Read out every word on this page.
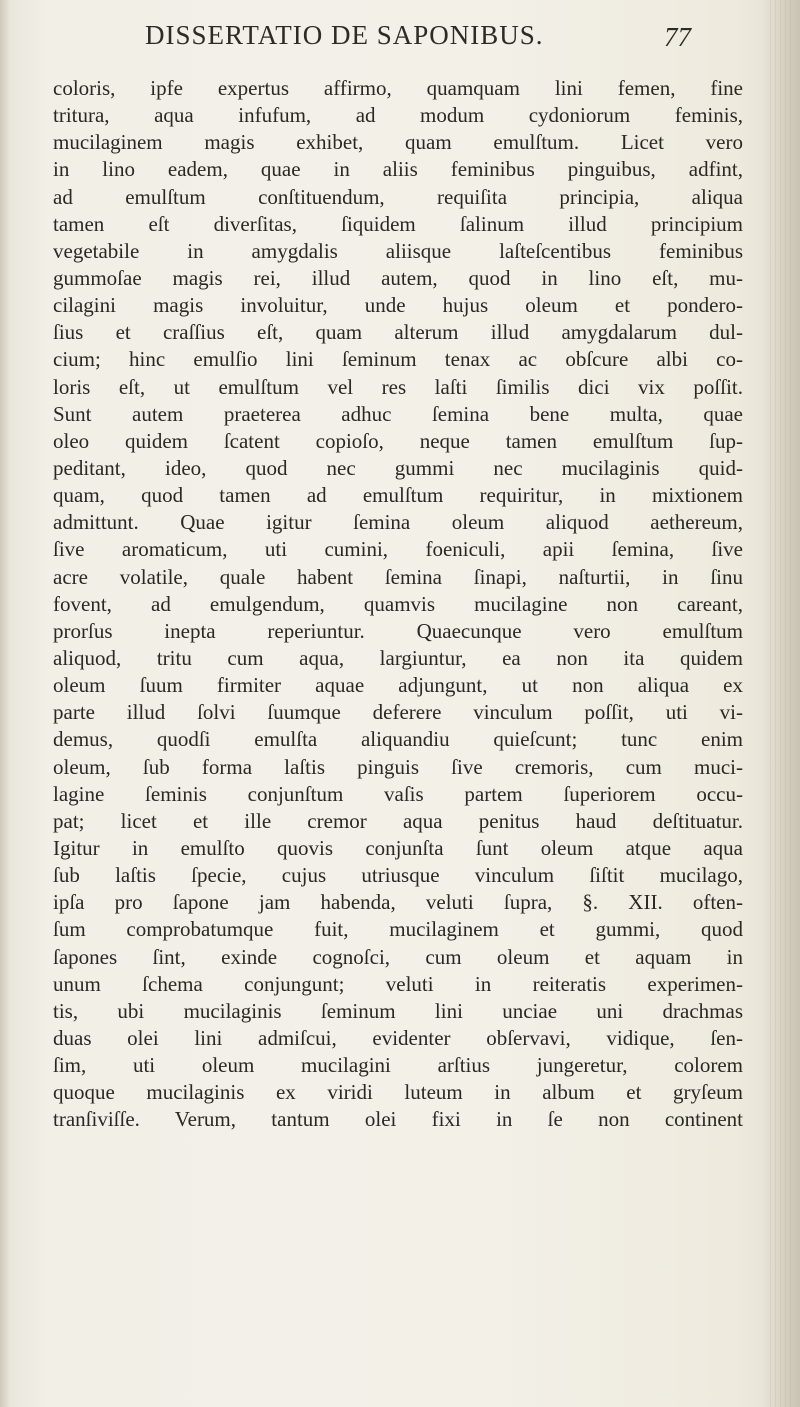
DISSERTATIO DE SAPONIBUS.	77
coloris, ipfe expertus affirmo, quamquam lini femen, fine
tritura, aqua infufum, ad modum cydoniorum feminis,
mucilaginem magis exhibet, quam emulſtum. Licet vero
in lino eadem, quae in aliis feminibus pinguibus, adfint,
ad emulſtum conſtituendum, requiſita principia, aliqua
tamen eſt diverſitas, ſiquidem ſalinum illud principium
vegetabile in amygdalis aliisque laſteſcentibus feminibus
gummoſae magis rei, illud autem, quod in lino eſt, mu-
cilagini magis involuitur, unde hujus oleum et pondero-
ſius et craſſius eſt, quam alterum illud amygdalarum dul-
cium; hinc emulſio lini ſeminum tenax ac obſcure albi co-
loris eſt, ut emulſtum vel res laſti ſimilis dici vix poſſit.
Sunt autem praeterea adhuc ſemina bene multa, quae
oleo quidem ſcatent copioſo, neque tamen emulſtum ſup-
peditant, ideo, quod nec gummi nec mucilaginis quid-
quam, quod tamen ad emulſtum requiritur, in mixtionem
admittunt. Quae igitur ſemina oleum aliquod aethereum,
ſive aromaticum, uti cumini, foeniculi, apii ſemina, ſive
acre volatile, quale habent ſemina ſinapi, naſturtii, in ſinu
fovent, ad emulgendum, quamvis mucilagine non careant,
prorſus inepta reperiuntur. Quaecunque vero emulſtum
aliquod, tritu cum aqua, largiuntur, ea non ita quidem
oleum ſuum firmiter aquae adjungunt, ut non aliqua ex
parte illud ſolvi ſuumque deferere vinculum poſſit, uti vi-
demus, quodſi emulſta aliquandiu quieſcunt; tunc enim
oleum, ſub forma laſtis pinguis ſive cremoris, cum muci-
lagine ſeminis conjunſtum vaſis partem ſuperiorem occu-
pat; licet et ille cremor aqua penitus haud deſtituatur.
Igitur in emulſto quovis conjunſta ſunt oleum atque aqua
ſub laſtis ſpecie, cujus utriusque vinculum ſiſtit mucilago,
ipſa pro ſapone jam habenda, veluti ſupra, §. XII. often-
ſum comprobatumque fuit, mucilaginem et gummi, quod
ſapones ſint, exinde cognoſci, cum oleum et aquam in
unum ſchema conjungunt; veluti in reiteratis experimen-
tis, ubi mucilaginis ſeminum lini unciae uni drachmas
duas olei lini admiſcui, evidenter obſervavi, vidique, ſen-
ſim, uti oleum mucilagini arſtius jungeretur, colorem
quoque mucilaginis ex viridi luteum in album et gryſeum
tranſiviſſe. Verum, tantum olei fixi in ſe non continent
